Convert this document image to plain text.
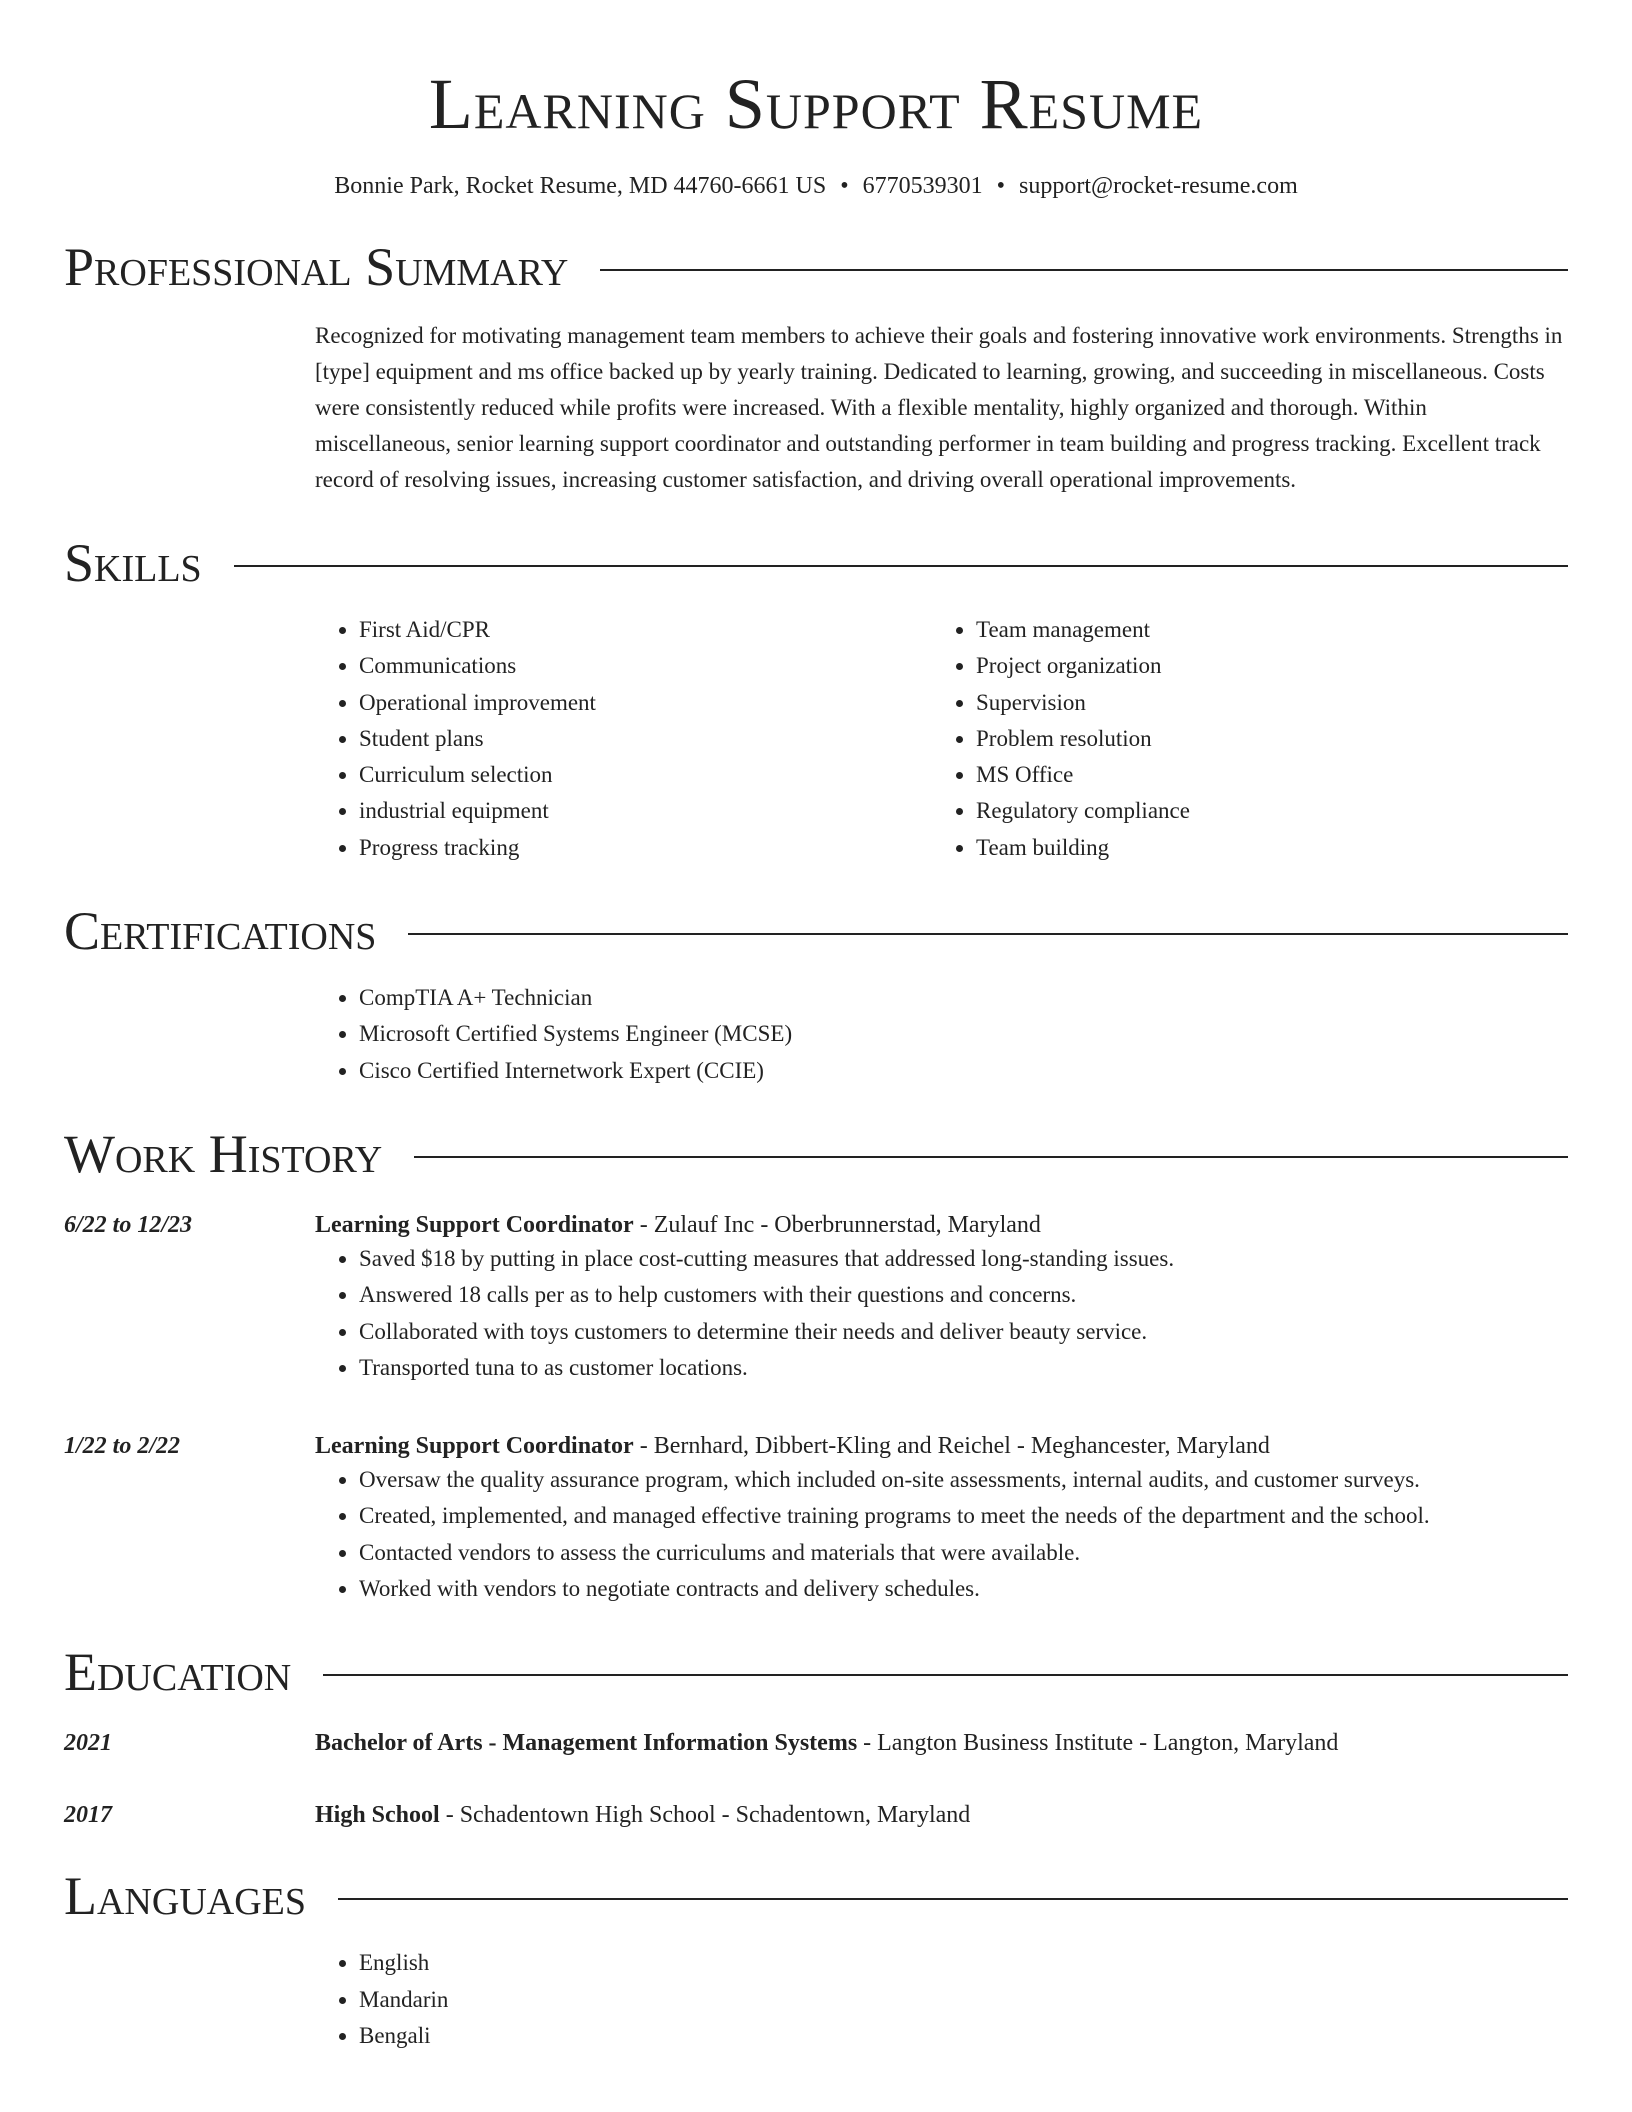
Learning Support Resume
Bonnie Park, Rocket Resume, MD 44760-6661 US • 6770539301 • support@rocket-resume.com
Professional Summary
Recognized for motivating management team members to achieve their goals and fostering innovative work environments. Strengths in [type] equipment and ms office backed up by yearly training. Dedicated to learning, growing, and succeeding in miscellaneous. Costs were consistently reduced while profits were increased. With a flexible mentality, highly organized and thorough. Within miscellaneous, senior learning support coordinator and outstanding performer in team building and progress tracking. Excellent track record of resolving issues, increasing customer satisfaction, and driving overall operational improvements.
Skills
• First Aid/CPR
• Communications
• Operational improvement
• Student plans
• Curriculum selection
• industrial equipment
• Progress tracking
• Team management
• Project organization
• Supervision
• Problem resolution
• MS Office
• Regulatory compliance
• Team building
Certifications
• CompTIA A+ Technician
• Microsoft Certified Systems Engineer (MCSE)
• Cisco Certified Internetwork Expert (CCIE)
Work History
6/22 to 12/23	Learning Support Coordinator - Zulauf Inc - Oberbrunnerstad, Maryland
• Saved $18 by putting in place cost-cutting measures that addressed long-standing issues.
• Answered 18 calls per as to help customers with their questions and concerns.
• Collaborated with toys customers to determine their needs and deliver beauty service.
• Transported tuna to as customer locations.
1/22 to 2/22	Learning Support Coordinator - Bernhard, Dibbert-Kling and Reichel - Meghancester, Maryland
• Oversaw the quality assurance program, which included on-site assessments, internal audits, and customer surveys.
• Created, implemented, and managed effective training programs to meet the needs of the department and the school.
• Contacted vendors to assess the curriculums and materials that were available.
• Worked with vendors to negotiate contracts and delivery schedules.
Education
2021	Bachelor of Arts - Management Information Systems - Langton Business Institute - Langton, Maryland
2017	High School - Schadentown High School - Schadentown, Maryland
Languages
• English
• Mandarin
• Bengali
